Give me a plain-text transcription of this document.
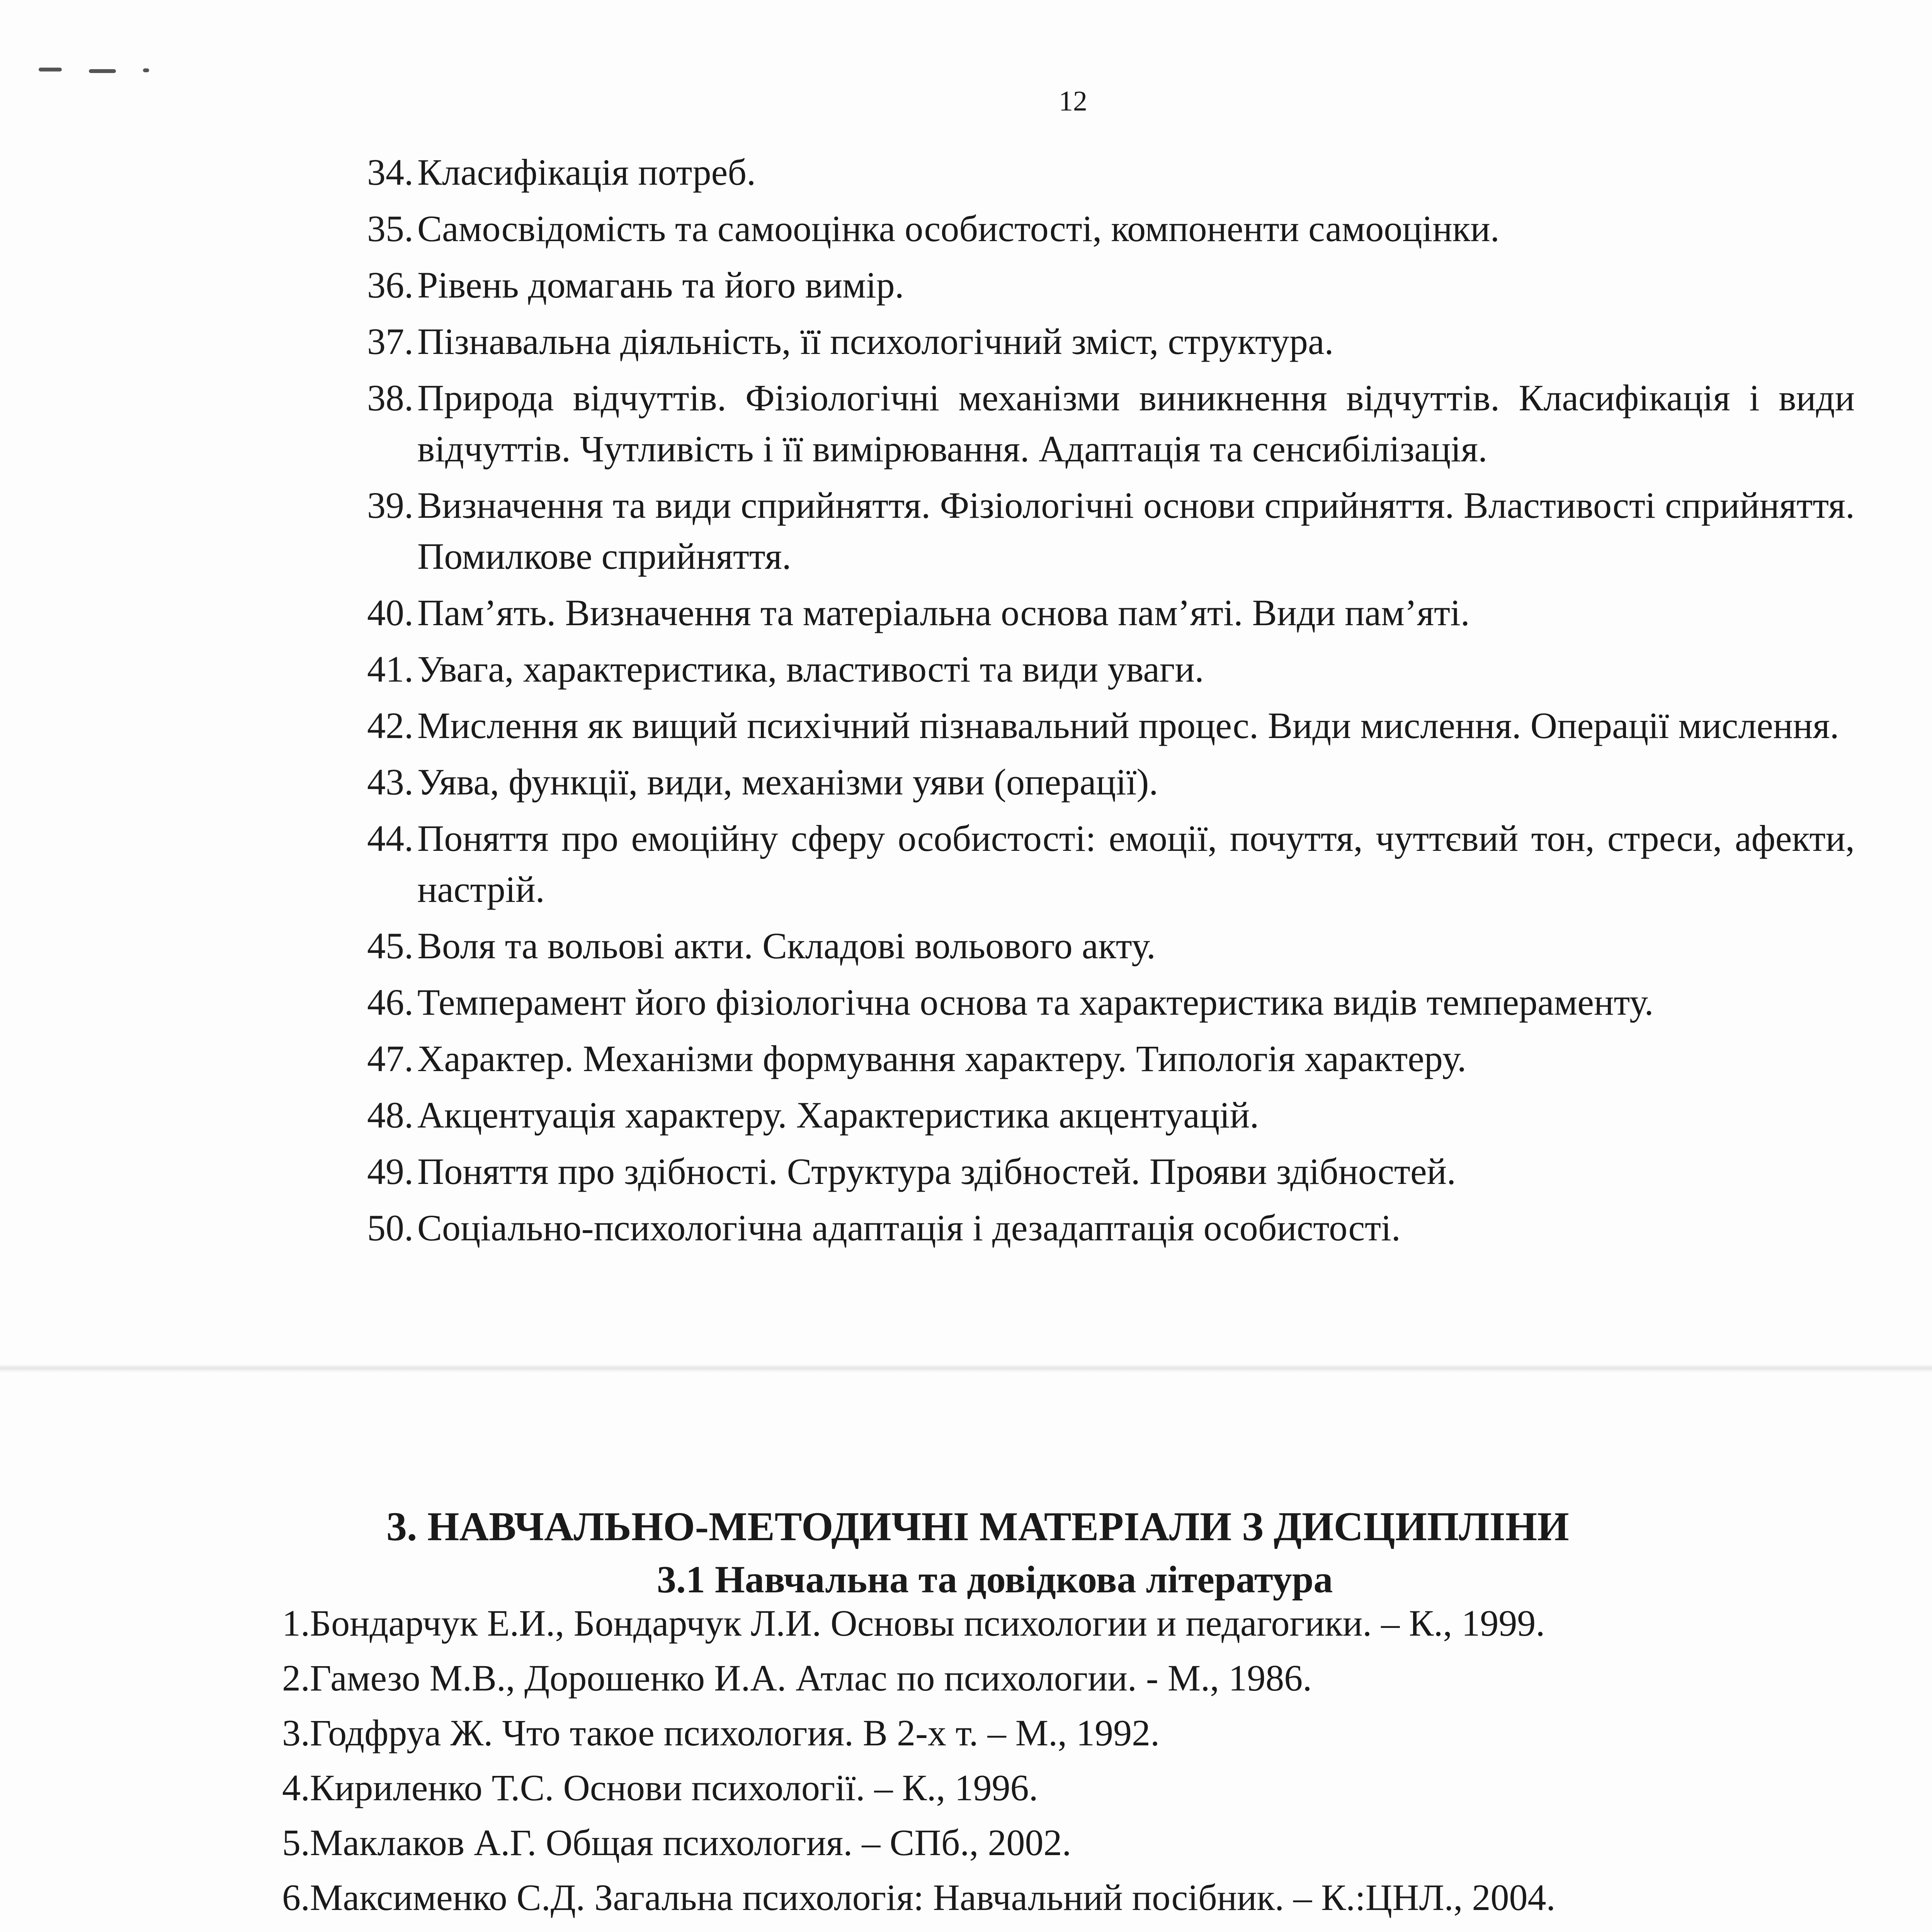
12
34. Класифікація потреб.
35. Самосвідомість та самооцінка особистості, компоненти самооцінки.
36. Рівень домагань та його вимір.
37. Пізнавальна діяльність, її психологічний зміст, структура.
38. Природа відчуттів. Фізіологічні механізми виникнення відчуттів. Класифікація і види відчуттів. Чутливість і її вимірювання. Адаптація та сенсибілізація.
39. Визначення та види сприйняття. Фізіологічні основи сприйняття. Властивості сприйняття. Помилкове сприйняття.
40. Пам’ять. Визначення та матеріальна основа пам’яті. Види пам’яті.
41. Увага, характеристика, властивості та види уваги.
42. Мислення як вищий психічний пізнавальний процес. Види мислення. Операції мислення.
43. Уява, функції, види, механізми уяви (операції).
44. Поняття про емоційну сферу особистості: емоції, почуття, чуттєвий тон, стреси, афекти, настрій.
45. Воля та вольові акти. Складові вольового акту.
46. Темперамент його фізіологічна основа та характеристика видів темпераменту.
47. Характер. Механізми формування характеру. Типологія характеру.
48. Акцентуація характеру. Характеристика акцентуацій.
49. Поняття про здібності. Структура здібностей. Прояви здібностей.
50. Соціально-психологічна адаптація і дезадаптація особистості.
3. НАВЧАЛЬНО-МЕТОДИЧНІ МАТЕРІАЛИ З ДИСЦИПЛІНИ
3.1 Навчальна та довідкова література
1.Бондарчук Е.И., Бондарчук Л.И. Основы психологии и педагогики. – К., 1999.
2.Гамезо М.В., Дорошенко И.А. Атлас по психологии. - М., 1986.
3.Годфруа Ж. Что такое психология. В 2-х т. – М., 1992.
4.Кириленко Т.С. Основи психології. – К., 1996.
5.Маклаков А.Г. Общая психология. – СПб., 2002.
6.Максименко С.Д. Загальна психологія: Навчальний посібник. – К.:ЦНЛ., 2004.
